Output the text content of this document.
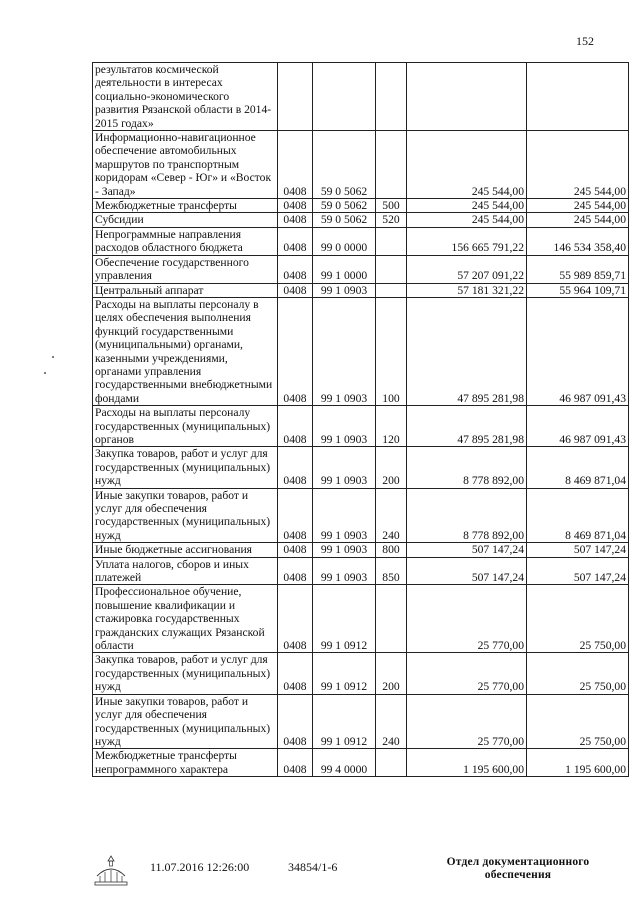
152
результатов космической деятельности в интересах социально-экономического развития Рязанской области в 2014-2015 годах»					
Информационно-навигационное обеспечение автомобильных маршрутов по транспортным коридорам «Север - Юг» и «Восток - Запад»	0408	59 0 5062		245 544,00	245 544,00
Межбюджетные трансферты	0408	59 0 5062	500	245 544,00	245 544,00
Субсидии	0408	59 0 5062	520	245 544,00	245 544,00
Непрограммные направления расходов областного бюджета	0408	99 0 0000		156 665 791,22	146 534 358,40
Обеспечение государственного управления	0408	99 1 0000		57 207 091,22	55 989 859,71
Центральный аппарат	0408	99 1 0903		57 181 321,22	55 964 109,71
Расходы на выплаты персоналу в целях обеспечения выполнения функций государственными (муниципальными) органами, казенными учреждениями, органами управления государственными внебюджетными фондами	0408	99 1 0903	100	47 895 281,98	46 987 091,43
Расходы на выплаты персоналу государственных (муниципальных) органов	0408	99 1 0903	120	47 895 281,98	46 987 091,43
Закупка товаров, работ и услуг для государственных (муниципальных) нужд	0408	99 1 0903	200	8 778 892,00	8 469 871,04
Иные закупки товаров, работ и услуг для обеспечения государственных (муниципальных) нужд	0408	99 1 0903	240	8 778 892,00	8 469 871,04
Иные бюджетные ассигнования	0408	99 1 0903	800	507 147,24	507 147,24
Уплата налогов, сборов и иных платежей	0408	99 1 0903	850	507 147,24	507 147,24
Профессиональное обучение, повышение квалификации и стажировка государственных гражданских служащих Рязанской области	0408	99 1 0912		25 770,00	25 750,00
Закупка товаров, работ и услуг для государственных (муниципальных) нужд	0408	99 1 0912	200	25 770,00	25 750,00
Иные закупки товаров, работ и услуг для обеспечения государственных (муниципальных) нужд	0408	99 1 0912	240	25 770,00	25 750,00
Межбюджетные трансферты непрограммного характера	0408	99 4 0000		1 195 600,00	1 195 600,00
11.07.2016 12:26:00	34854/1-6	Отдел документационного
обеспечения
